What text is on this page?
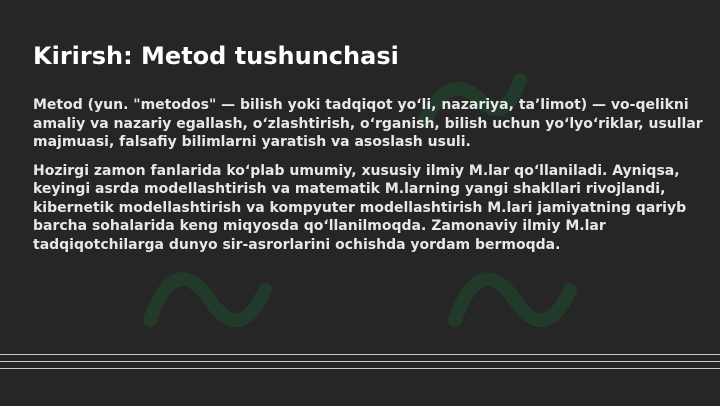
Kirirsh: Metod tushunchasi

Metod (yun. "metodos" — bilish yoki tadqiqot yoʻli, nazariya, taʼlimot) — vo-qelikni amaliy va nazariy egallash, oʻzlashtirish, oʻrganish, bilish uchun yoʻlyoʻriklar, usullar majmuasi, falsafiy bilimlarni yaratish va asoslash usuli.

Hozirgi zamon fanlarida koʻplab umumiy, xususiy ilmiy M.lar qoʻllaniladi. Ayniqsa, keyingi asrda modellashtirish va matematik M.larning yangi shakllari rivojlandi, kibernetik modellashtirish va kompyuter modellashtirish M.lari jamiyatning qariyb barcha sohalarida keng miqyosda qoʻllanilmoqda. Zamonaviy ilmiy M.lar tadqiqotchilarga dunyo sir-asrorlarini ochishda yordam bermoqda.
